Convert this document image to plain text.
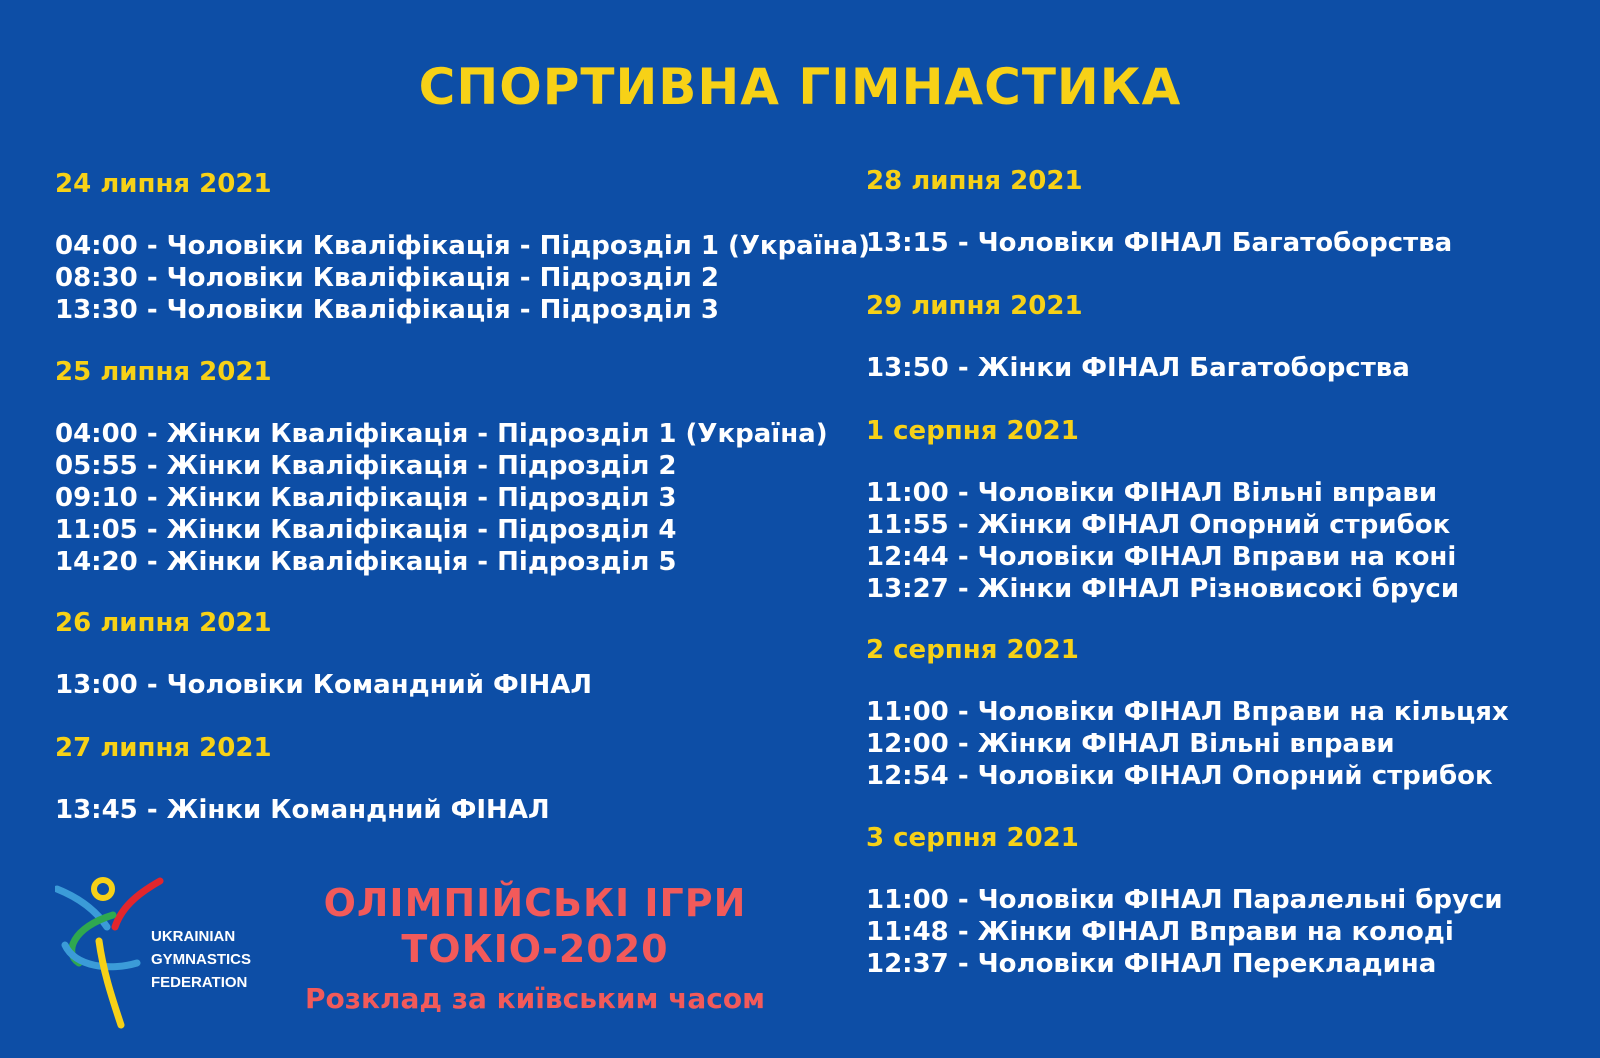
СПОРТИВНА ГІМНАСТИКА
24 липня 2021
04:00 - Чоловіки Кваліфікація - Підрозділ 1 (Україна)
08:30 - Чоловіки Кваліфікація - Підрозділ 2
13:30 - Чоловіки Кваліфікація - Підрозділ 3
25 липня 2021
04:00 - Жінки Кваліфікація - Підрозділ 1 (Україна)
05:55 - Жінки Кваліфікація - Підрозділ 2
09:10 - Жінки Кваліфікація - Підрозділ 3
11:05 - Жінки Кваліфікація - Підрозділ 4
14:20 - Жінки Кваліфікація - Підрозділ 5
26 липня 2021
13:00 - Чоловіки Командний ФІНАЛ
27 липня 2021
13:45 - Жінки Командний ФІНАЛ
28 липня 2021
13:15 - Чоловіки ФІНАЛ Багатоборства
29 липня 2021
13:50 - Жінки ФІНАЛ Багатоборства
1 серпня 2021
11:00 - Чоловіки ФІНАЛ Вільні вправи
11:55 - Жінки ФІНАЛ Опорний стрибок
12:44 - Чоловіки ФІНАЛ Вправи на коні
13:27 - Жінки ФІНАЛ Різновисокі бруси
2 серпня 2021
11:00 - Чоловіки ФІНАЛ Вправи на кільцях
12:00 - Жінки ФІНАЛ Вільні вправи
12:54 - Чоловіки ФІНАЛ Опорний стрибок
3 серпня 2021
11:00 - Чоловіки ФІНАЛ Паралельні бруси
11:48 - Жінки ФІНАЛ Вправи на колоді
12:37 - Чоловіки ФІНАЛ Перекладина
UKRAINIAN
GYMNASTICS
FEDERATION
ОЛІМПІЙСЬКІ ІГРИ
ТОКІО-2020
Розклад за київським часом
